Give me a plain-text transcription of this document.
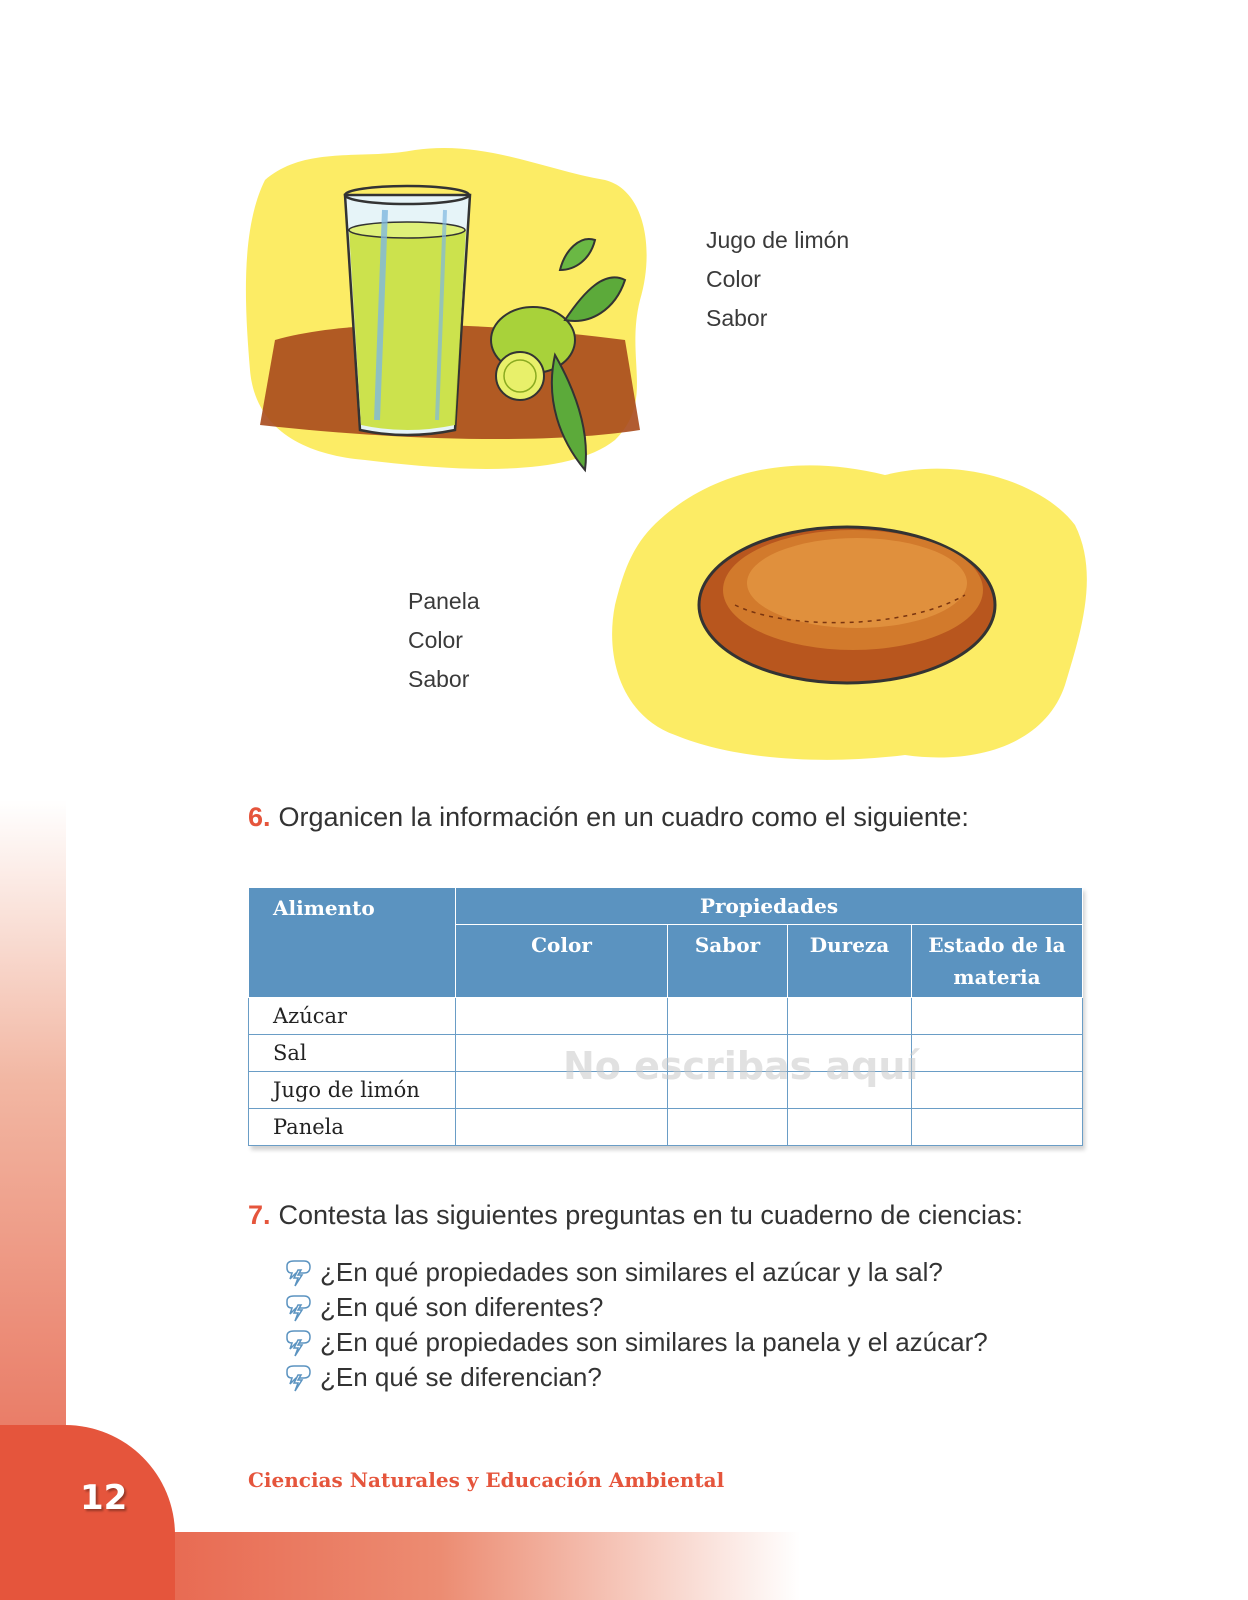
Jugo de limón
Color
Sabor
Panela
Color
Sabor
6. Organicen la información en un cuadro como el siguiente:
Alimento	Propiedades			
	Color	Sabor	Dureza	Estado de la materia
Azúcar				
Sal				
Jugo de limón				
Panela				
No escribas aquí
7. Contesta las siguientes preguntas en tu cuaderno de ciencias:
¿En qué propiedades son similares el azúcar y la sal?
¿En qué son diferentes?
¿En qué propiedades son similares la panela y el azúcar?
¿En qué se diferencian?
Ciencias Naturales y Educación Ambiental
12
